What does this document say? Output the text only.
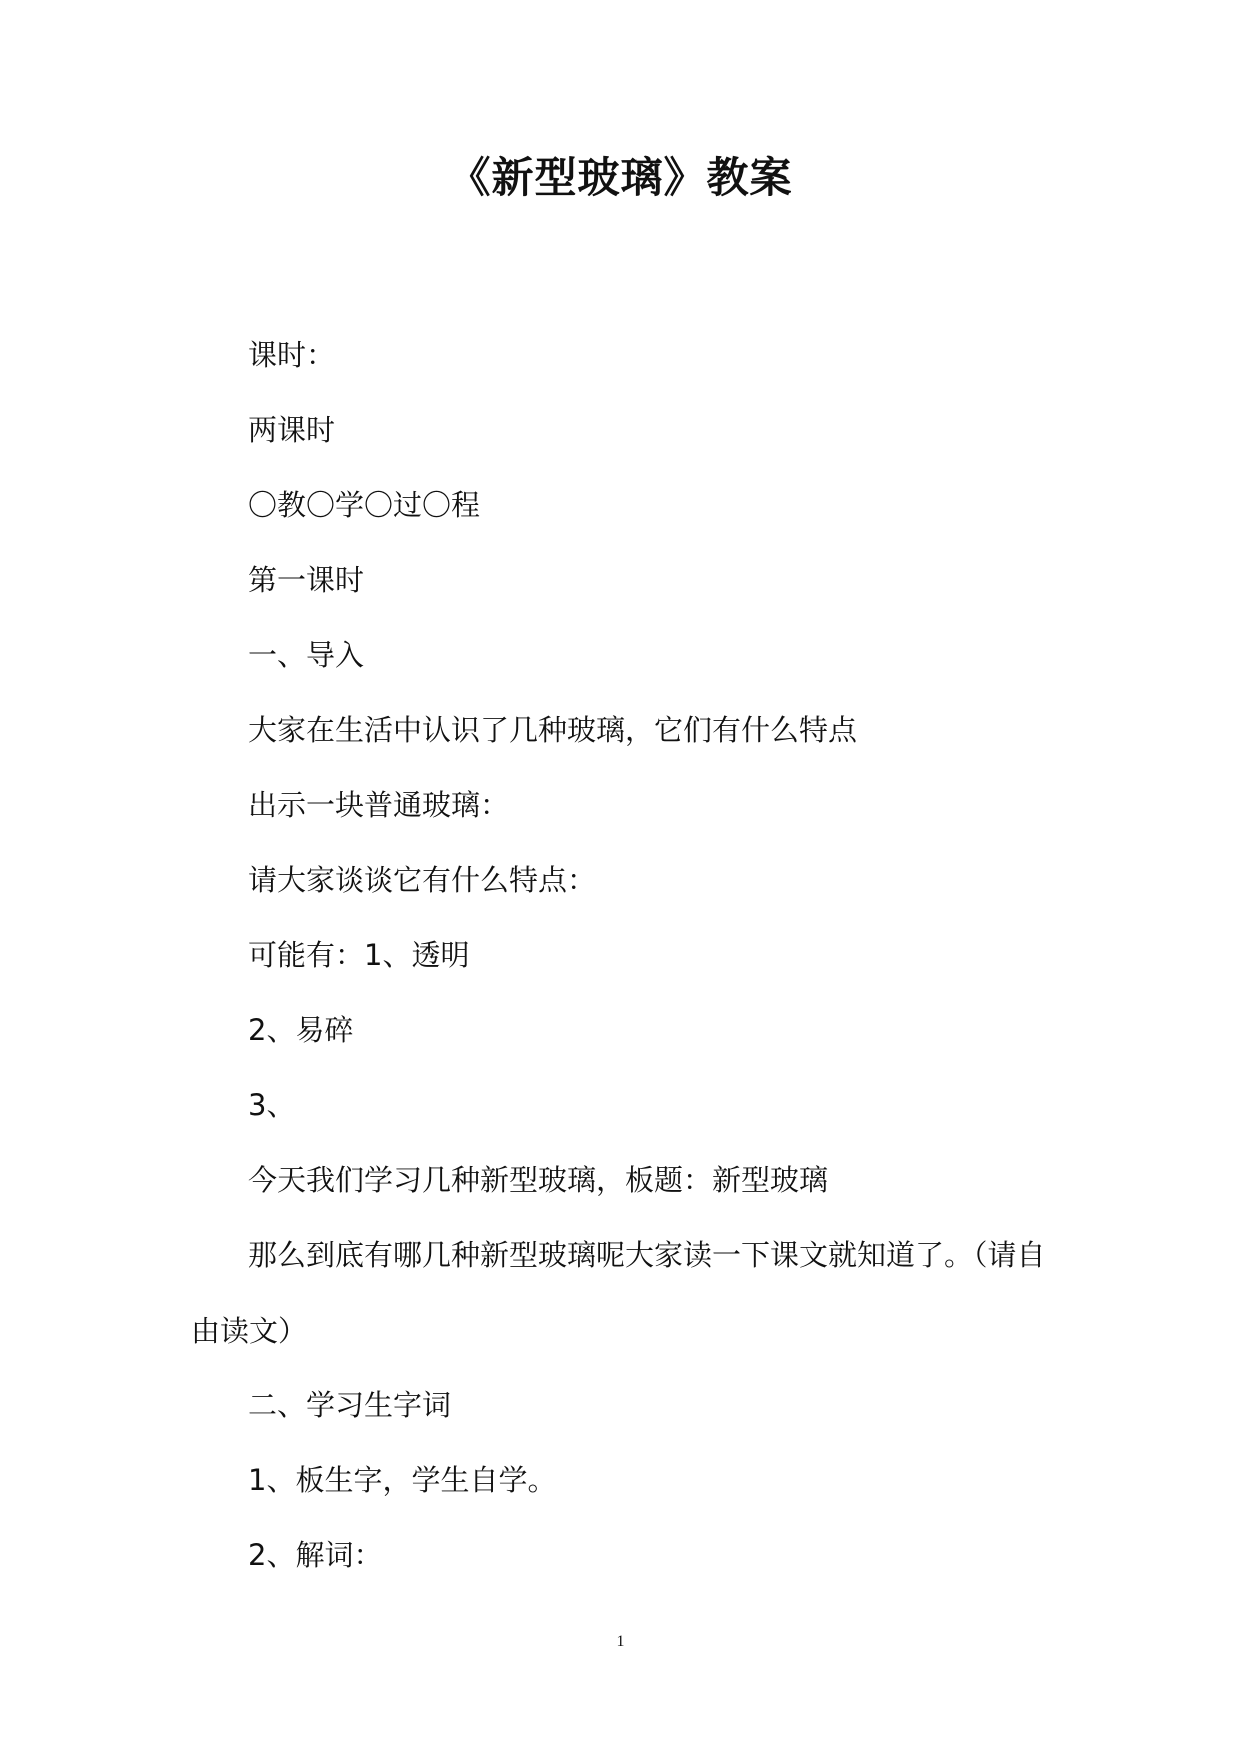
《新型玻璃》教案

课时：

两课时

〇教〇学〇过〇程

第一课时

一、导入

大家在生活中认识了几种玻璃，它们有什么特点

出示一块普通玻璃：

请大家谈谈它有什么特点：

可能有：1、透明

2、易碎

3、

今天我们学习几种新型玻璃，板题：新型玻璃

那么到底有哪几种新型玻璃呢大家读一下课文就知道了。（请自由读文）

二、学习生字词

1、板生字，学生自学。

2、解词：

1
